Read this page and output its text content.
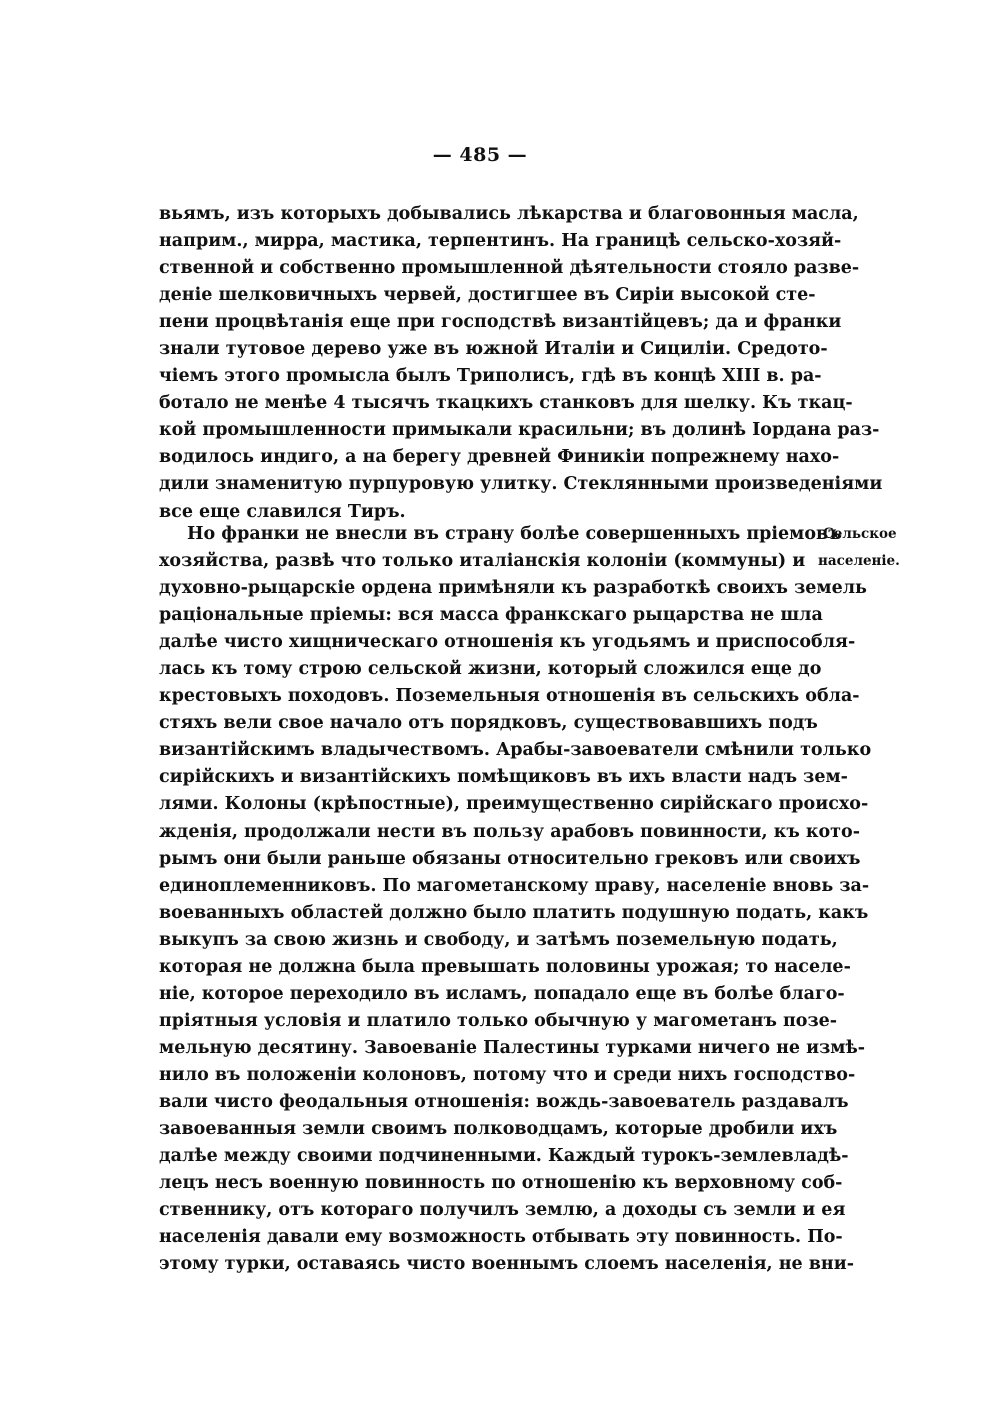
— 485 —
вьямъ, изъ которыхъ добывались лѣкарства и благовонныя масла,
наприм., мирра, мастика, терпентинъ. На границѣ сельско-хозяй-
ственной и собственно промышленной дѣятельности стояло разве-
деніе шелковичныхъ червей, достигшее въ Сиріи высокой сте-
пени процвѣтанія еще при господствѣ византійцевъ; да и франки
знали тутовое дерево уже въ южной Италіи и Сициліи. Средото-
чіемъ этого промысла былъ Триполисъ, гдѣ въ концѣ XIII в. ра-
ботало не менѣе 4 тысячъ ткацкихъ станковъ для шелку. Къ ткац-
кой промышленности примыкали красильни; въ долинѣ Іордана раз-
водилось индиго, а на берегу древней Финикіи попрежнему нахо-
дили знаменитую пурпуровую улитку. Стеклянными произведеніями
все еще славился Тиръ.
Но франки не внесли въ страну болѣе совершенныхъ пріемовъ
хозяйства, развѣ что только италіанскія колоніи (коммуны) и
духовно-рыцарскіе ордена примѣняли къ разработкѣ своихъ земель
раціональные пріемы: вся масса франкскаго рыцарства не шла
далѣе чисто хищническаго отношенія къ угодьямъ и приспособля-
лась къ тому строю сельской жизни, который сложился еще до
крестовыхъ походовъ. Поземельныя отношенія въ сельскихъ обла-
стяхъ вели свое начало отъ порядковъ, существовавшихъ подъ
византійскимъ владычествомъ. Арабы-завоеватели смѣнили только
сирійскихъ и византійскихъ помѣщиковъ въ ихъ власти надъ зем-
лями. Колоны (крѣпостные), преимущественно сирійскаго происхо-
жденія, продолжали нести въ пользу арабовъ повинности, къ кото-
рымъ они были раньше обязаны относительно грековъ или своихъ
единоплеменниковъ. По магометанскому праву, населеніе вновь за-
воеванныхъ областей должно было платить подушную подать, какъ
выкупъ за свою жизнь и свободу, и затѣмъ поземельную подать,
которая не должна была превышать половины урожая; то населе-
ніе, которое переходило въ исламъ, попадало еще въ болѣе благо-
пріятныя условія и платило только обычную у магометанъ позе-
мельную десятину. Завоеваніе Палестины турками ничего не измѣ-
нило въ положеніи колоновъ, потому что и среди нихъ господство-
вали чисто феодальныя отношенія: вождь-завоеватель раздавалъ
завоеванныя земли своимъ полководцамъ, которые дробили ихъ
далѣе между своими подчиненными. Каждый турокъ-землевладѣ-
лецъ несъ военную повинность по отношенію къ верховному соб-
ственнику, отъ котораго получилъ землю, а доходы съ земли и ея
населенія давали ему возможность отбывать эту повинность. По-
этому турки, оставаясь чисто военнымъ слоемъ населенія, не вни-
Сельское
населеніе.
